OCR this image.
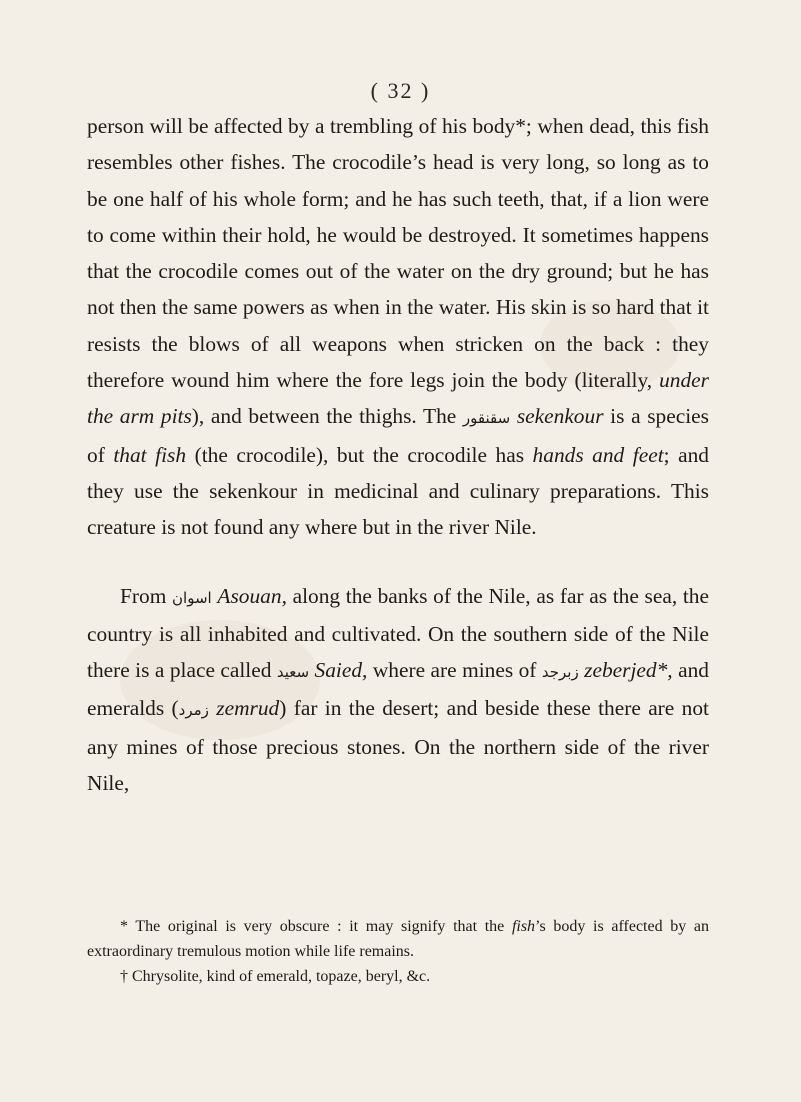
( 32 )

person will be affected by a trembling of his body*; when dead, this fish resembles other fishes. The crocodile’s head is very long, so long as to be one half of his whole form; and he has such teeth, that, if a lion were to come within their hold, he would be destroyed. It sometimes happens that the crocodile comes out of the water on the dry ground; but he has not then the same powers as when in the water. His skin is so hard that it resists the blows of all weapons when stricken on the back : they therefore wound him where the fore legs join the body (literally, under the arm pits), and between the thighs. The سقنقور sekenkour is a species of that fish (the crocodile), but the crocodile has hands and feet; and they use the sekenkour in medicinal and culinary preparations. This creature is not found any where but in the river Nile.

From اسوان Asouan, along the banks of the Nile, as far as the sea, the country is all inhabited and cultivated. On the southern side of the Nile there is a place called سعيد Saied, where are mines of زبرجد zeberjed*, and emeralds (زمرد zemrud) far in the desert; and beside these there are not any mines of those precious stones. On the northern side of the river Nile,

* The original is very obscure : it may signify that the fish’s body is affected by an extraordinary tremulous motion while life remains.

† Chrysolite, kind of emerald, topaze, beryl, &c.
